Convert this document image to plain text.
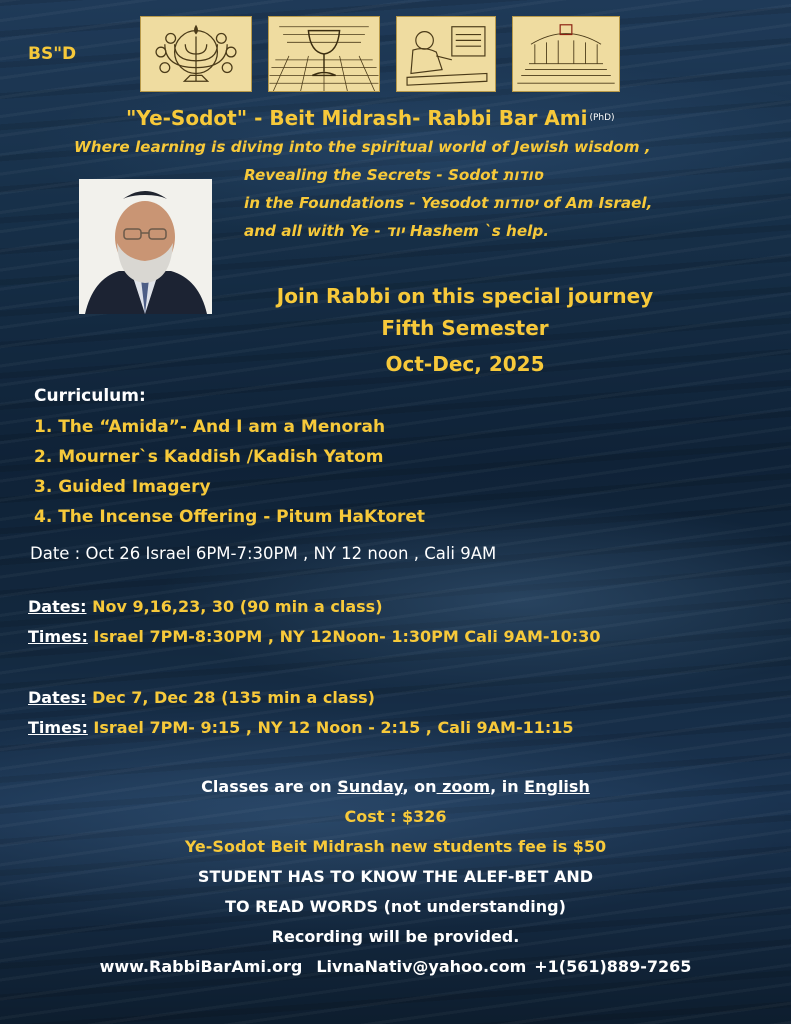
BS"D
"Ye-Sodot" - Beit Midrash- Rabbi Bar Ami $^{(PhD)}$
Where learning is diving into the spiritual world of Jewish wisdom ,
Revealing the Secrets - Sodot סודות
in the Foundations - Yesodot יסודות of Am Israel,
and all with Ye - יוד Hashem `s help.
Join Rabbi on this special journey
Fifth Semester
Oct-Dec, 2025
Curriculum:
1. The “Amida”- And I am a Menorah
2. Mourner`s Kaddish /Kadish Yatom
3. Guided Imagery
4. The Incense Offering - Pitum HaKtoret
Date : Oct 26 Israel 6PM-7:30PM , NY 12 noon , Cali 9AM
Dates: Nov 9,16,23, 30 (90 min a class)
Times: Israel 7PM-8:30PM , NY 12Noon- 1:30PM Cali 9AM-10:30
Dates: Dec 7, Dec 28 (135 min a class)
Times: Israel 7PM- 9:15 , NY 12 Noon - 2:15 , Cali 9AM-11:15
Classes are on Sunday, on zoom, in English
Cost : $326
Ye-Sodot Beit Midrash new students fee is $50
STUDENT HAS TO KNOW THE ALEF-BET AND
TO READ WORDS (not understanding)
Recording will be provided.
www.RabbiBarAmi.org LivnaNativ@yahoo.com +1(561)889-7265
